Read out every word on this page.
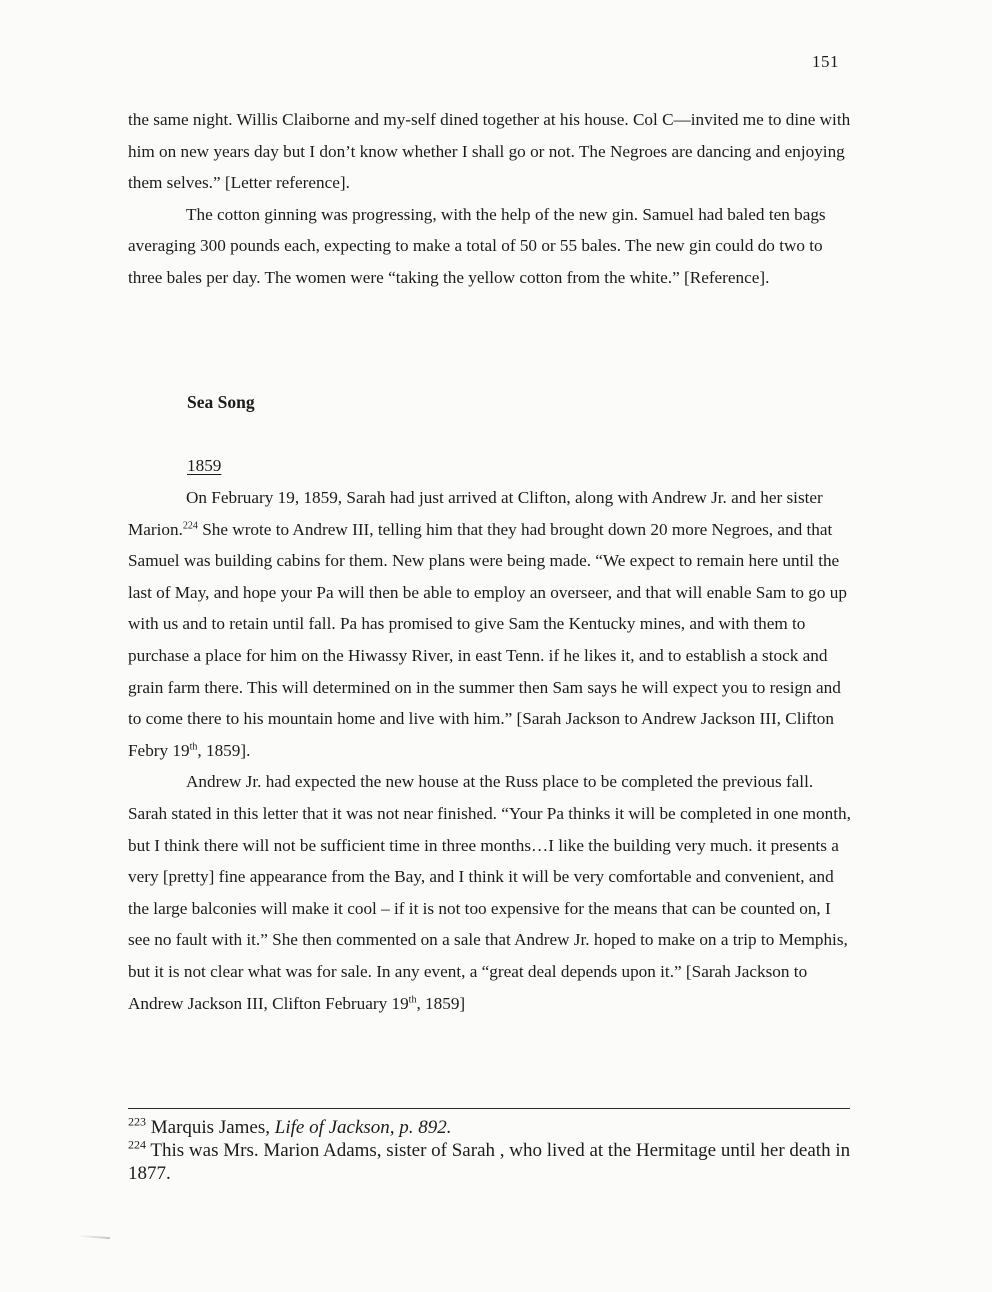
151

the same night. Willis Claiborne and my-self dined together at his house. Col C—invited me to dine with him on new years day but I don’t know whether I shall go or not. The Negroes are dancing and enjoying them selves.” [Letter reference].

The cotton ginning was progressing, with the help of the new gin. Samuel had baled ten bags averaging 300 pounds each, expecting to make a total of 50 or 55 bales. The new gin could do two to three bales per day. The women were “taking the yellow cotton from the white.” [Reference].

Sea Song
1859

On February 19, 1859, Sarah had just arrived at Clifton, along with Andrew Jr. and her sister Marion.$^{224}$ She wrote to Andrew III, telling him that they had brought down 20 more Negroes, and that Samuel was building cabins for them. New plans were being made. “We expect to remain here until the last of May, and hope your Pa will then be able to employ an overseer, and that will enable Sam to go up with us and to retain until fall. Pa has promised to give Sam the Kentucky mines, and with them to purchase a place for him on the Hiwassy River, in east Tenn. if he likes it, and to establish a stock and grain farm there. This will determined on in the summer then Sam says he will expect you to resign and to come there to his mountain home and live with him.” [Sarah Jackson to Andrew Jackson III, Clifton Febry 19th, 1859].

Andrew Jr. had expected the new house at the Russ place to be completed the previous fall. Sarah stated in this letter that it was not near finished. “Your Pa thinks it will be completed in one month, but I think there will not be sufficient time in three months…I like the building very much. it presents a very [pretty] fine appearance from the Bay, and I think it will be very comfortable and convenient, and the large balconies will make it cool – if it is not too expensive for the means that can be counted on, I see no fault with it.” She then commented on a sale that Andrew Jr. hoped to make on a trip to Memphis, but it is not clear what was for sale. In any event, a “great deal depends upon it.” [Sarah Jackson to Andrew Jackson III, Clifton February 19th, 1859]

$^{223}$ Marquis James, Life of Jackson, p. 892.

$^{224}$ This was Mrs. Marion Adams, sister of Sarah , who lived at the Hermitage until her death in 1877.
